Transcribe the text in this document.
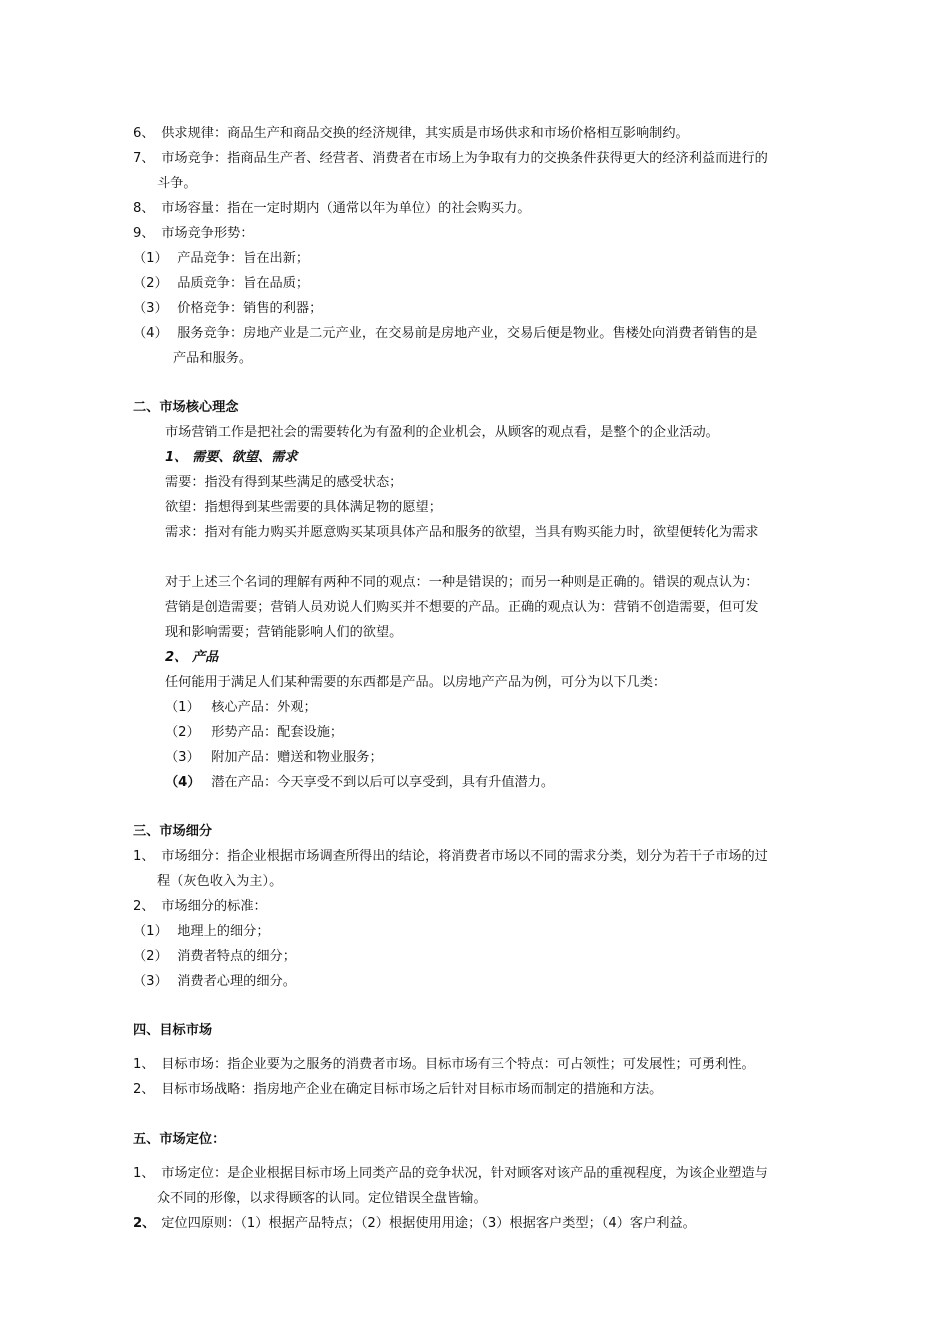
6、 供求规律：商品生产和商品交换的经济规律，其实质是市场供求和市场价格相互影响制约。
7、 市场竞争：指商品生产者、经营者、消费者在市场上为争取有力的交换条件获得更大的经济利益而进行的
斗争。
8、 市场容量：指在一定时期内（通常以年为单位）的社会购买力。
9、 市场竞争形势：
（1） 产品竞争：旨在出新；
（2） 品质竞争：旨在品质；
（3） 价格竞争：销售的利器；
（4） 服务竞争：房地产业是二元产业，在交易前是房地产业，交易后便是物业。售楼处向消费者销售的是
产品和服务。
二、市场核心理念
市场营销工作是把社会的需要转化为有盈利的企业机会，从顾客的观点看，是整个的企业活动。
1、 需要、欲望、需求
需要：指没有得到某些满足的感受状态；
欲望：指想得到某些需要的具体满足物的愿望；
需求：指对有能力购买并愿意购买某项具体产品和服务的欲望，当具有购买能力时，欲望便转化为需求
对于上述三个名词的理解有两种不同的观点：一种是错误的；而另一种则是正确的。错误的观点认为：
营销是创造需要；营销人员劝说人们购买并不想要的产品。正确的观点认为：营销不创造需要，但可发
现和影响需要；营销能影响人们的欲望。
2、 产品
任何能用于满足人们某种需要的东西都是产品。以房地产产品为例，可分为以下几类：
（1） 核心产品：外观；
（2） 形势产品：配套设施；
（3） 附加产品：赠送和物业服务；
（4） 潜在产品：今天享受不到以后可以享受到，具有升值潜力。
三、市场细分
1、 市场细分：指企业根据市场调查所得出的结论，将消费者市场以不同的需求分类，划分为若干子市场的过
程（灰色收入为主）。
2、 市场细分的标准：
（1） 地理上的细分；
（2） 消费者特点的细分；
（3） 消费者心理的细分。
四、目标市场
1、 目标市场：指企业要为之服务的消费者市场。目标市场有三个特点：可占领性；可发展性；可勇利性。
2、 目标市场战略：指房地产企业在确定目标市场之后针对目标市场而制定的措施和方法。
五、市场定位：
1、 市场定位：是企业根据目标市场上同类产品的竞争状况，针对顾客对该产品的重视程度，为该企业塑造与
众不同的形像，以求得顾客的认同。定位错误全盘皆输。
2、 定位四原则：（1）根据产品特点；（2）根据使用用途；（3）根据客户类型；（4）客户利益。
